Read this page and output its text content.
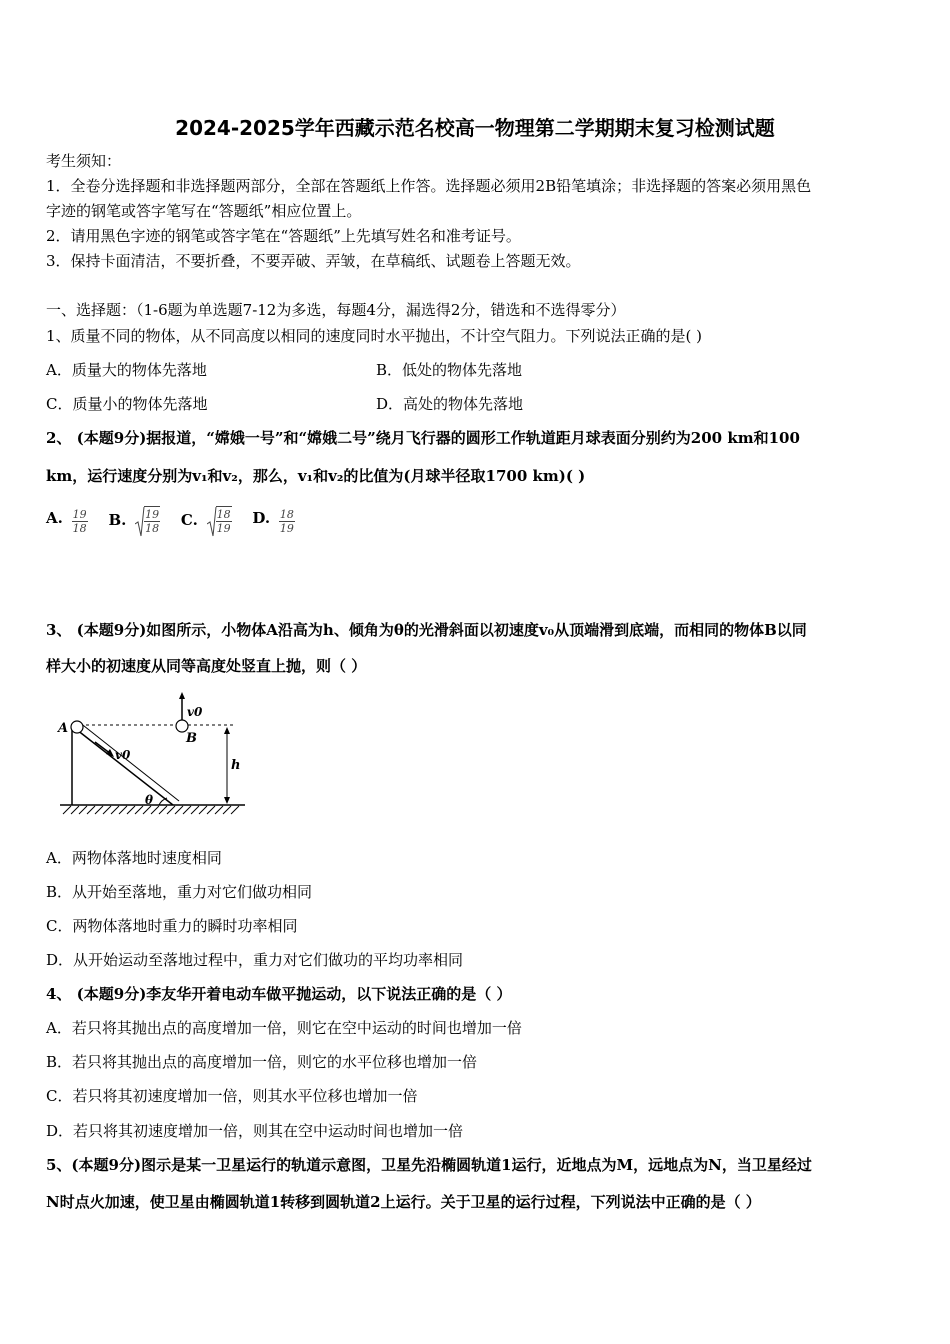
2024-2025学年西藏示范名校高一物理第二学期期末复习检测试题
考生须知：
1．全卷分选择题和非选择题两部分，全部在答题纸上作答。选择题必须用2B铅笔填涂；非选择题的答案必须用黑色
字迹的钢笔或答字笔写在“答题纸”相应位置上。
2．请用黑色字迹的钢笔或答字笔在“答题纸”上先填写姓名和准考证号。
3．保持卡面清洁，不要折叠，不要弄破、弄皱，在草稿纸、试题卷上答题无效。
一、选择题：（1-6题为单选题7-12为多选，每题4分，漏选得2分，错选和不选得零分）
1、质量不同的物体，从不同高度以相同的速度同时水平抛出，不计空气阻力。下列说法正确的是( )
A．质量大的物体先落地	B．低处的物体先落地
C．质量小的物体先落地	D．高处的物体先落地
2、 (本题9分)据报道，“嫦娥一号”和“嫦娥二号”绕月飞行器的圆形工作轨道距月球表面分别约为200 km和100
km，运行速度分别为v₁和v₂，那么，v₁和v₂的比值为(月球半径取1700 km)( )
A. $\frac{19}{18} B$. $\frac{19}{18} C$. $\frac{18}{19} D$. $\frac{18}{19}$
3、 (本题9分)如图所示，小物体A沿高为h、倾角为θ的光滑斜面以初速度v₀从顶端滑到底端，而相同的物体B以同
样大小的初速度从同等高度处竖直上抛，则（ ）
A
B
v0
v0
h
θ
A．两物体落地时速度相同
B．从开始至落地，重力对它们做功相同
C．两物体落地时重力的瞬时功率相同
D．从开始运动至落地过程中，重力对它们做功的平均功率相同
4、 (本题9分)李友华开着电动车做平抛运动，以下说法正确的是（ ）
A．若只将其抛出点的高度增加一倍，则它在空中运动的时间也增加一倍
B．若只将其抛出点的高度增加一倍，则它的水平位移也增加一倍
C．若只将其初速度增加一倍，则其水平位移也增加一倍
D．若只将其初速度增加一倍，则其在空中运动时间也增加一倍
5、(本题9分)图示是某一卫星运行的轨道示意图，卫星先沿椭圆轨道1运行，近地点为M，远地点为N，当卫星经过
N时点火加速，使卫星由椭圆轨道1转移到圆轨道2上运行。关于卫星的运行过程，下列说法中正确的是（ ）
